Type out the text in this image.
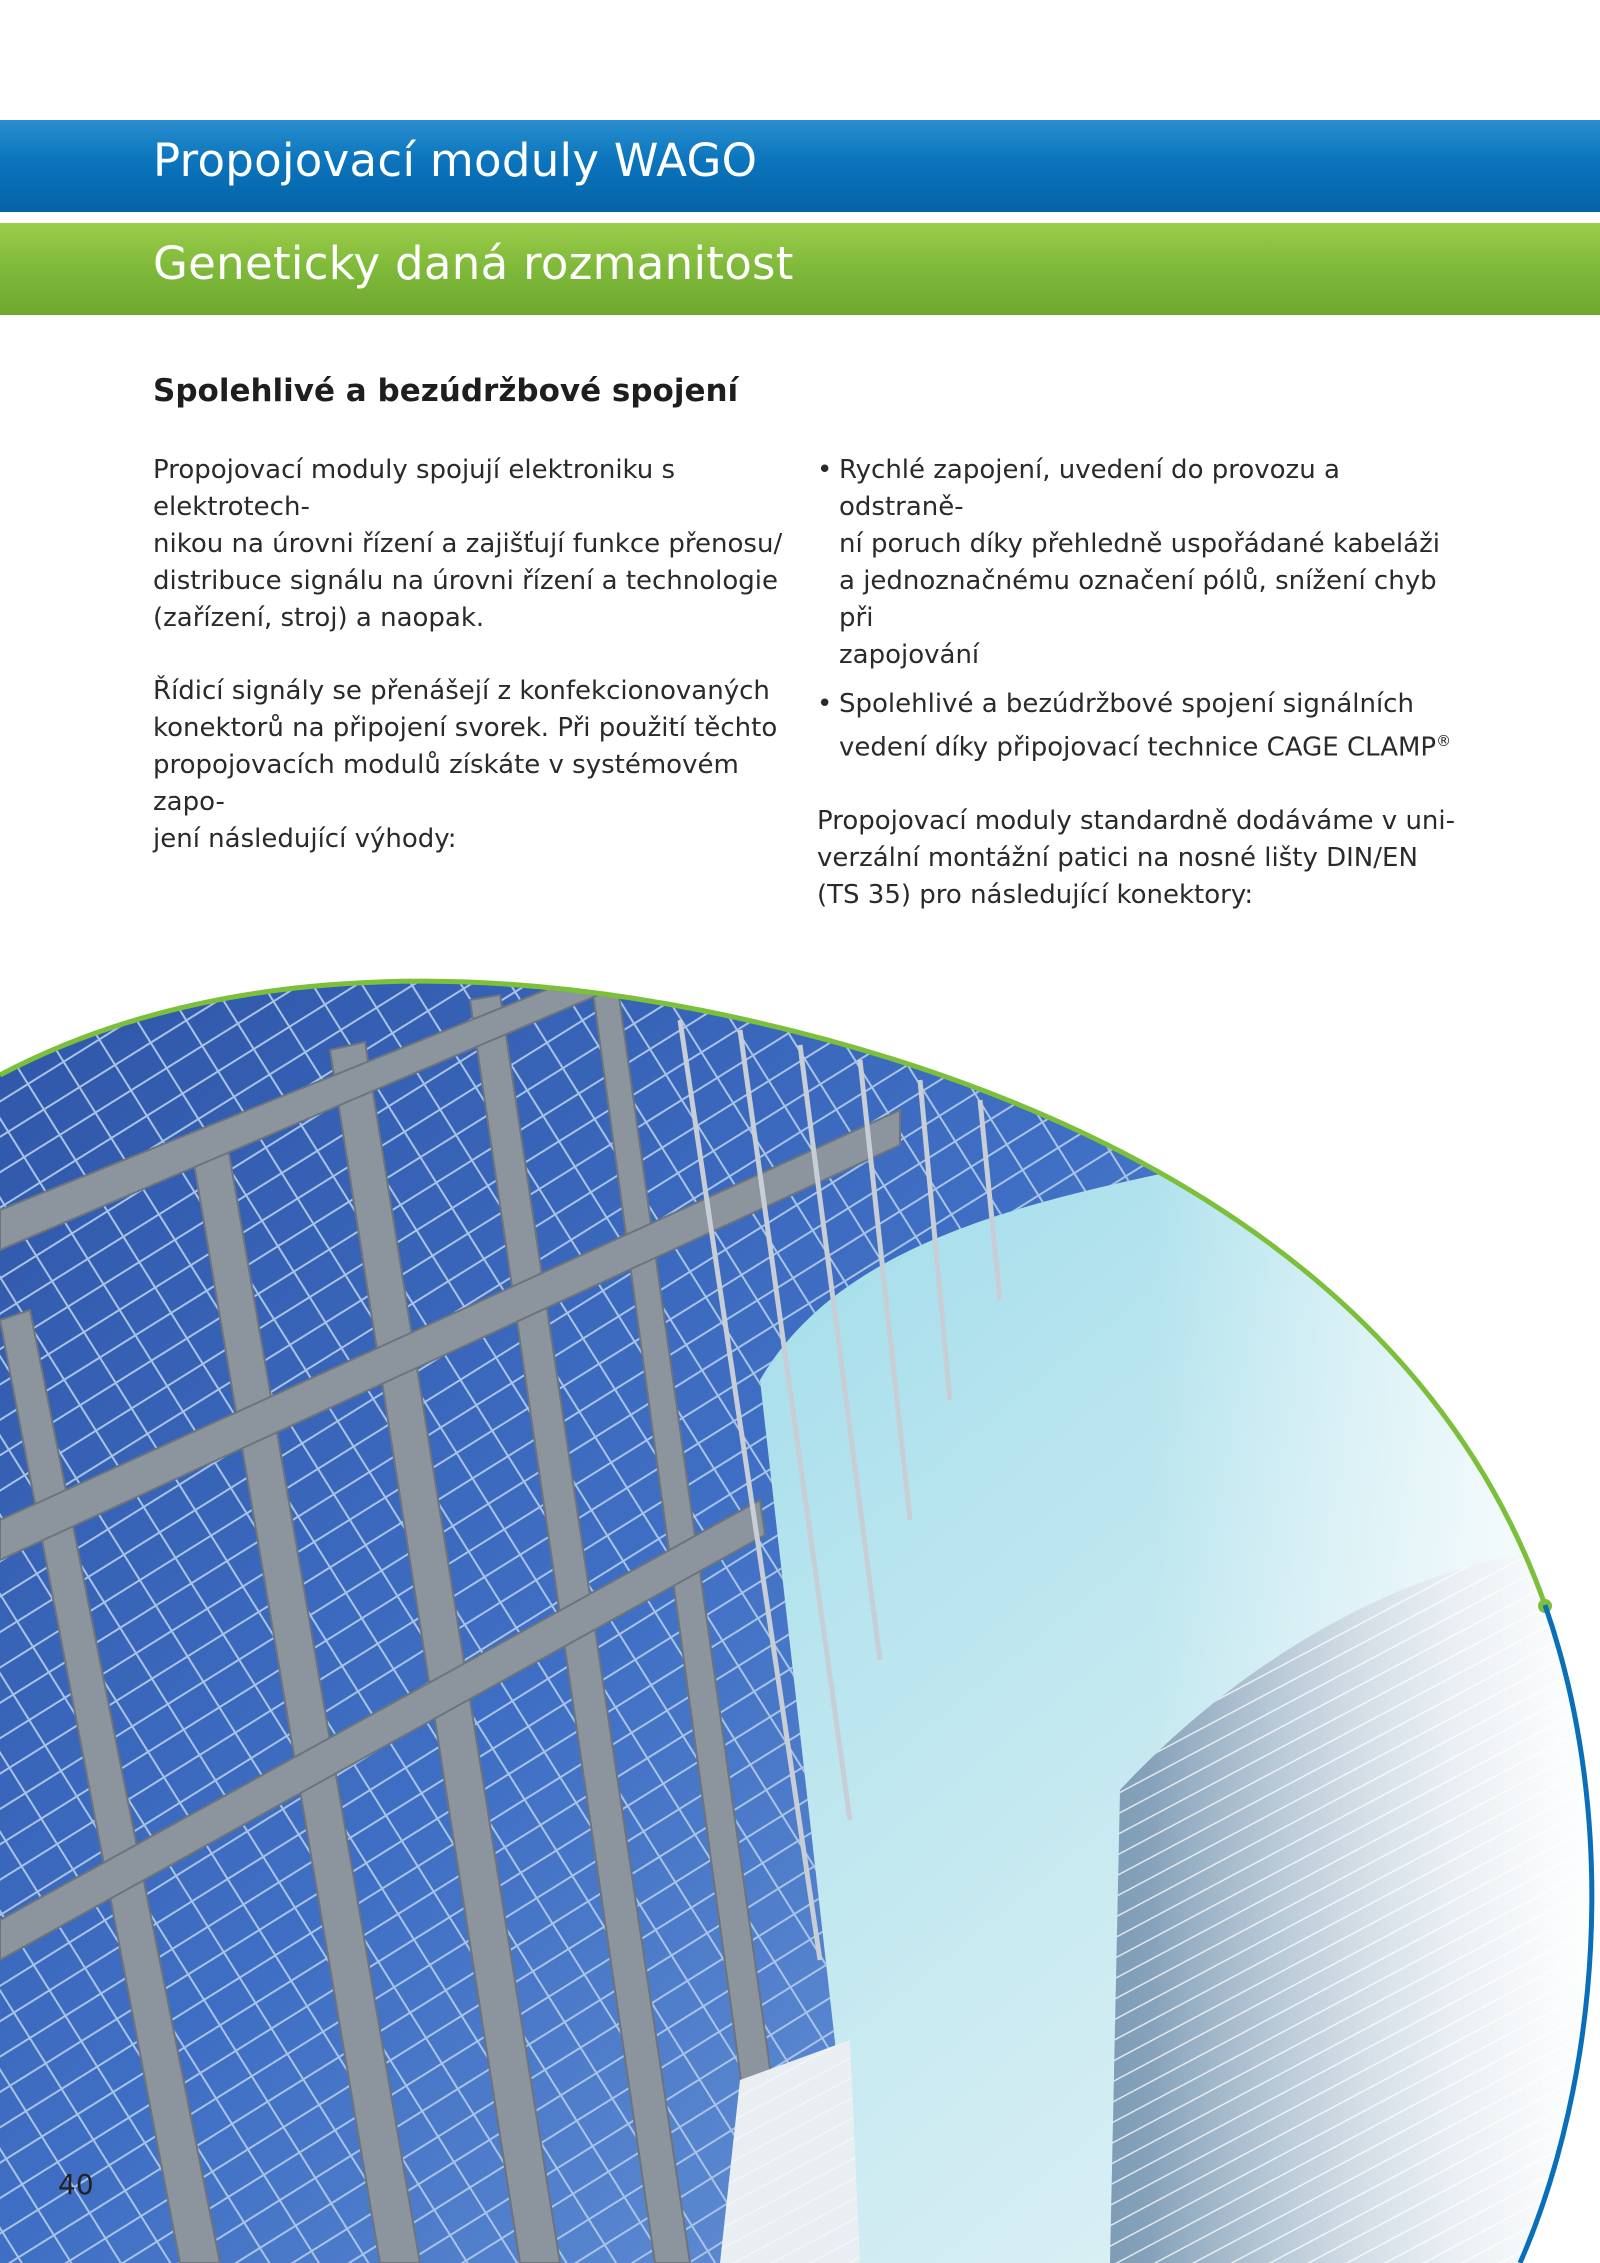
Propojovací moduly WAGO
Geneticky daná rozmanitost
Spolehlivé a bezúdržbové spojení

Propojovací moduly spojují elektroniku s elektrotech-
nikou na úrovni řízení a zajišťují funkce přenosu/
distribuce signálu na úrovni řízení a technologie
(zařízení, stroj) a naopak.

Řídicí signály se přenášejí z konfekcionovaných
konektorů na připojení svorek. Při použití těchto
propojovacích modulů získáte v systémovém zapo-
jení následující výhody:

• Rychlé zapojení, uvedení do provozu a odstraně-
ní poruch díky přehledně uspořádané kabeláži
a jednoznačnému označení pólů, snížení chyb při
zapojování
• Spolehlivé a bezúdržbové spojení signálních
vedení díky připojovací technice CAGE CLAMP®

Propojovací moduly standardně dodáváme v uni-
verzální montážní patici na nosné lišty DIN/EN
(TS 35) pro následující konektory:

40
